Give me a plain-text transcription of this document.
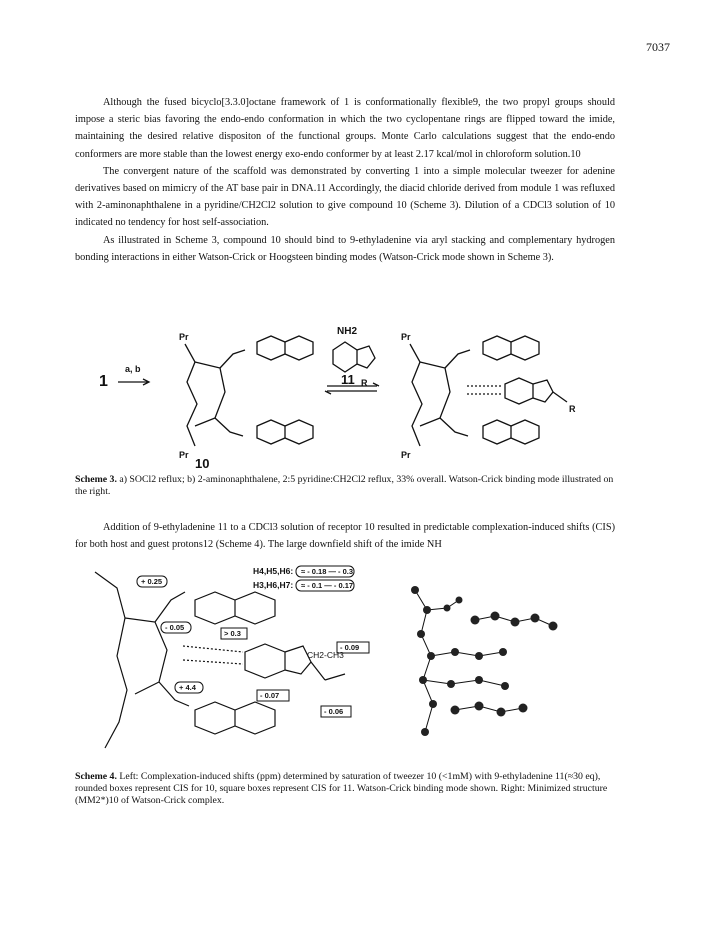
7037

Although the fused bicyclo[3.3.0]octane framework of 1 is conformationally flexible9, the two propyl groups should impose a steric bias favoring the endo-endo conformation in which the two cyclopentane rings are flipped toward the imide, maintaining the desired relative dispositon of the functional groups. Monte Carlo calculations suggest that the endo-endo conformers are more stable than the lowest energy exo-endo conformer by at least 2.17 kcal/mol in chloroform solution.10

The convergent nature of the scaffold was demonstrated by converting 1 into a simple molecular tweezer for adenine derivatives based on mimicry of the AT base pair in DNA.11 Accordingly, the diacid chloride derived from module 1 was refluxed with 2-aminonaphthalene in a pyridine/CH2Cl2 solution to give compound 10 (Scheme 3). Dilution of a CDCl3 solution of 10 indicated no tendency for host self-association.

As illustrated in Scheme 3, compound 10 should bind to 9-ethyladenine via aryl stacking and complementary hydrogen bonding interactions in either Watson-Crick or Hoogsteen binding modes (Watson-Crick mode shown in Scheme 3).

1
a, b
Pr
Pr
10
NH2
11 R
Pr
Pr
R
Scheme 3. a) SOCl2 reflux; b) 2-aminonaphthalene, 2:5 pyridine:CH2Cl2 reflux, 33% overall. Watson-Crick binding mode illustrated on the right.

Addition of 9-ethyladenine 11 to a CDCl3 solution of receptor 10 resulted in predictable complexation-induced shifts (CIS) for both host and guest protons12 (Scheme 4). The large downfield shift of the imide NH

H4,H5,H6:
H3,H6,H7:
CH2-CH3
≈ - 0.18 — - 0.3
≈ - 0.1 — - 0.17
+ 0.25
- 0.05
> 0.3
+ 4.4
- 0.09
- 0.07
- 0.06
Scheme 4. Left: Complexation-induced shifts (ppm) determined by saturation of tweezer 10 (<1mM) with 9-ethyladenine 11(≈30 eq), rounded boxes represent CIS for 10, square boxes represent CIS for 11. Watson-Crick binding mode shown. Right: Minimized structure (MM2*)10 of Watson-Crick complex.
